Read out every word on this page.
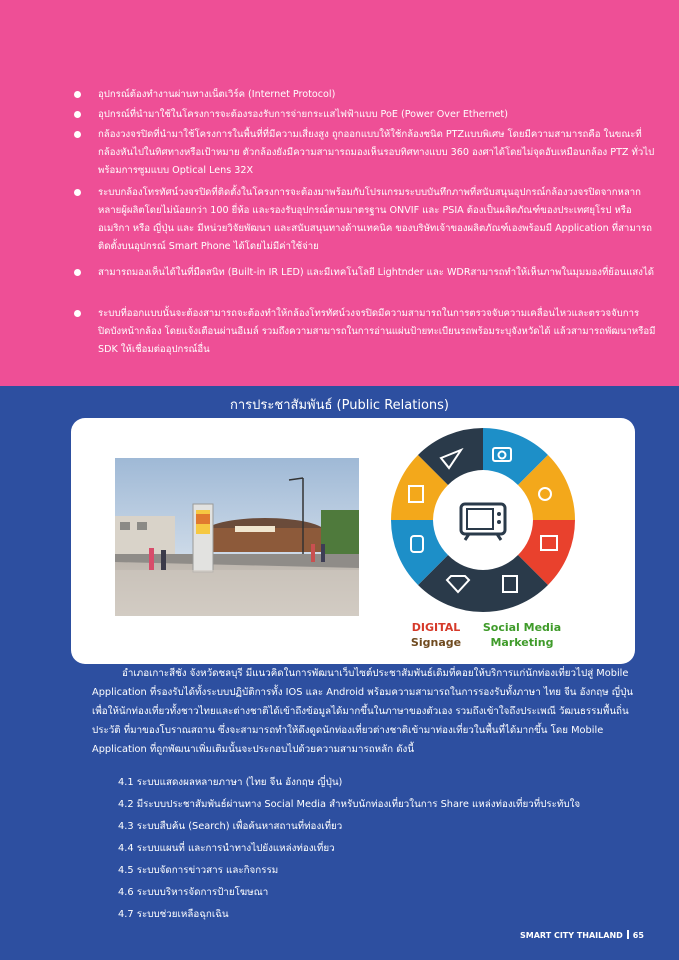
อุปกรณ์ต้องทำงานผ่านทางเน็ตเวิร์ค (Internet Protocol)
อุปกรณ์ที่นำมาใช้ในโครงการจะต้องรองรับการจ่ายกระแสไฟฟ้าแบบ PoE (Power Over Ethernet)
กล้องวงจรปิดที่นำมาใช้โครงการในพื้นที่ที่มีความเสี่ยงสูง ถูกออกแบบให้ใช้กล้องชนิด PTZแบบพิเศษ โดยมีความสามารถคือ ในขณะที่กล้องหันไปในทิศทางหรือเป้าหมาย ตัวกล้องยังมีความสามารถมองเห็นรอบทิศทางแบบ 360 องศาได้โดยไม่จุดอับเหมือนกล้อง PTZ ทั่วไปพร้อมการซูมแบบ Optical Lens 32X
ระบบกล้องโทรทัศน์วงจรปิดที่ติดตั้งในโครงการจะต้องมาพร้อมกับโปรแกรมระบบบันทึกภาพที่สนับสนุนอุปกรณ์กล้องวงจรปิดจากหลากหลายผู้ผลิตโดยไม่น้อยกว่า 100 ยี่ห้อ และรองรับอุปกรณ์ตามมาตรฐาน ONVIF และ PSIA ต้องเป็นผลิตภัณฑ์ของประเทศยุโรป หรืออเมริกา หรือ ญี่ปุ่น และ มีหน่วยวิจัยพัฒนา และสนับสนุนทางด้านเทคนิค ของบริษัทเจ้าของผลิตภัณฑ์เองพร้อมมี Application ที่สามารถติดตั้งบนอุปกรณ์ Smart Phone ได้โดยไม่มีค่าใช้จ่าย
สามารถมองเห็นได้ในที่มืดสนิท (Built-in IR LED) และมีเทคโนโลยี Lightnder และ WDRสามารถทำให้เห็นภาพในมุมมองที่ย้อนแสงได้
ระบบที่ออกแบบนั้นจะต้องสามารถจะต้องทำให้กล้องโทรทัศน์วงจรปิดมีความสามารถในการตรวจจับความเคลื่อนไหวและตรวจจับการปิดบังหน้ากล้อง โดยแจ้งเตือนผ่านอีเมล์ รวมถึงความสามารถในการอ่านแผ่นป้ายทะเบียนรถพร้อมระบุจังหวัดได้ แล้วสามารถพัฒนาหรือมี SDK ให้เชื่อมต่ออุปกรณ์อื่น
การประชาสัมพันธ์ (Public Relations)
DIGITAL
Signage
Social Media
Marketing
อำเภอเกาะสีชัง จังหวัดชลบุรี มีแนวคิดในการพัฒนาเว็บไซต์ประชาสัมพันธ์เดิมที่คอยให้บริการแก่นักท่องเที่ยวไปสู่ Mobile Application ที่รองรับได้ทั้งระบบปฏิบัติการทั้ง IOS และ Android พร้อมความสามารถในการรองรับทั้งภาษา ไทย จีน อังกฤษ ญี่ปุ่น เพื่อให้นักท่องเที่ยวทั้งชาวไทยและต่างชาติได้เข้าถึงข้อมูลได้มากขึ้นในภาษาของตัวเอง รวมถึงเข้าใจถึงประเพณี วัฒนธรรมพื้นถิ่น ประวัติ ที่มาของโบราณสถาน ซึ่งจะสามารถทำให้ดึงดูดนักท่องเที่ยวต่างชาติเข้ามาท่องเที่ยวในพื้นที่ได้มากขึ้น โดย Mobile Application ที่ถูกพัฒนาเพิ่มเติมนั้นจะประกอบไปด้วยความสามารถหลัก ดังนี้
4.1 ระบบแสดงผลหลายภาษา (ไทย จีน อังกฤษ ญี่ปุ่น)
4.2 มีระบบประชาสัมพันธ์ผ่านทาง Social Media สำหรับนักท่องเที่ยวในการ Share แหล่งท่องเที่ยวที่ประทับใจ
4.3 ระบบสืบค้น (Search) เพื่อค้นหาสถานที่ท่องเที่ยว
4.4 ระบบแผนที่ และการนำทางไปยังแหล่งท่องเที่ยว
4.5 ระบบจัดการข่าวสาร และกิจกรรม
4.6 ระบบบริหารจัดการป้ายโฆษณา
4.7 ระบบช่วยเหลือฉุกเฉิน
SMART CITY THAILAND 65
